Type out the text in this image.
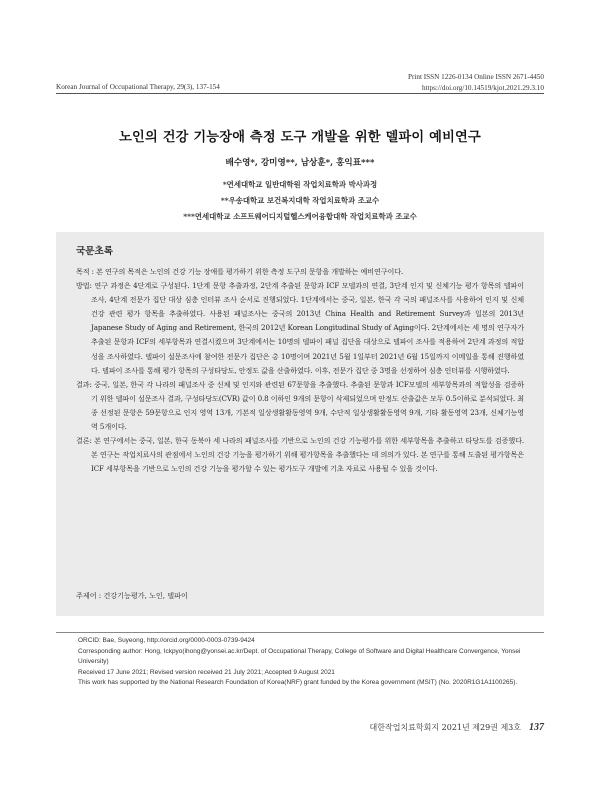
Print ISSN 1226-0134 Online ISSN 2671-4450
https://doi.org/10.14519/kjot.2021.29.3.10
Korean Journal of Occupational Therapy, 29(3), 137-154
노인의 건강 기능장애 측정 도구 개발을 위한 델파이 예비연구
배수영*, 강미영**, 남상훈*, 홍익표***
*연세대학교 일반대학원 작업치료학과 박사과정
**우송대학교 보건복지대학 작업치료학과 조교수
***연세대학교 소프트웨어디지털헬스케어융합대학 작업치료학과 조교수
국문초록

목적 : 본 연구의 목적은 노인의 건강 기능 장애를 평가하기 위한 측정 도구의 문항을 개발하는 예비연구이다.

방법: 연구 과정은 4단계로 구성된다. 1단계 문항 추출과정, 2단계 추출된 문항과 ICF 모델과의 연결, 3단계 인지 및 신체기능 평가 항목의 델파이 조사, 4단계 전문가 집단 대상 심층 인터뷰 조사 순서로 진행되었다. 1단계에서는 중국, 일본, 한국 각 국의 패널조사를 사용하여 인지 및 신체 건강 관련 평가 항목을 추출하였다. 사용된 패널조사는 중국의 2013년 China Health and Retirement Survey과 일본의 2013년 Japanese Study of Aging and Retirement, 한국의 2012년 Korean Longitudinal Study of Aging이다. 2단계에서는 세 명의 연구자가 추출된 문항과 ICF의 세부항목과 연결시켰으며 3단계에서는 10명의 델파이 패널 집단을 대상으로 델파이 조사를 적용하여 2단계 과정의 적합성을 조사하였다. 델파이 설문조사에 참여한 전문가 집단은 총 10명이며 2021년 5월 1일부터 2021년 6월 15일까지 이메일을 통해 진행하였다. 델파이 조사를 통해 평가 항목의 구성타당도, 안정도 값을 산출하였다. 이후, 전문가 집단 중 3명을 선정하여 심층 인터뷰를 시행하였다.

결과: 중국, 일본, 한국 각 나라의 패널조사 중 신체 및 인지와 관련된 67문항을 추출했다. 추출된 문항과 ICF모델의 세부항목과의 적합성을 검증하기 위한 델파이 설문조사 결과, 구성타당도(CVR) 값이 0.8 이하인 9개의 문항이 삭제되었으며 안정도 산출값은 모두 0.5이하로 분석되었다. 최종 선정된 문항은 59문항으로 인지 영역 13개, 기본적 일상생활활동영역 9개, 수단적 일상생활활동영역 9개, 기타 활동영역 23개, 신체기능영역 5개이다.

결론: 본 연구에서는 중국, 일본, 한국 동북아 세 나라의 패널조사를 기반으로 노인의 건강 기능평가를 위한 세부항목을 추출하고 타당도를 검증했다. 본 연구는 작업치료사의 관점에서 노인의 건강 기능을 평가하기 위해 평가항목을 추출했다는 데 의의가 있다. 본 연구를 통해 도출된 평가항목은 ICF 세부항목을 기반으로 노인의 건강 기능을 평가할 수 있는 평가도구 개발에 기초 자료로 사용될 수 있을 것이다.

주제어 : 건강기능평가, 노인, 델파이
ORCID: Bae, Suyeong, http://orcid.org/0000-0003-0739-9424
Corresponding author: Hong, Ickpyo(ihong@yonsei.ac.kr/Dept. of Occupational Therapy, College of Software and Digital Healthcare Convergence, Yonsei University)
Received 17 June 2021; Revised version received 21 July 2021; Accepted 9 August 2021
This work has supported by the National Research Foundation of Korea(NRF) grant funded by the Korea government (MSIT) (No. 2020R1G1A1100265).
대한작업치료학회지 2021년 제29권 제3호 137
